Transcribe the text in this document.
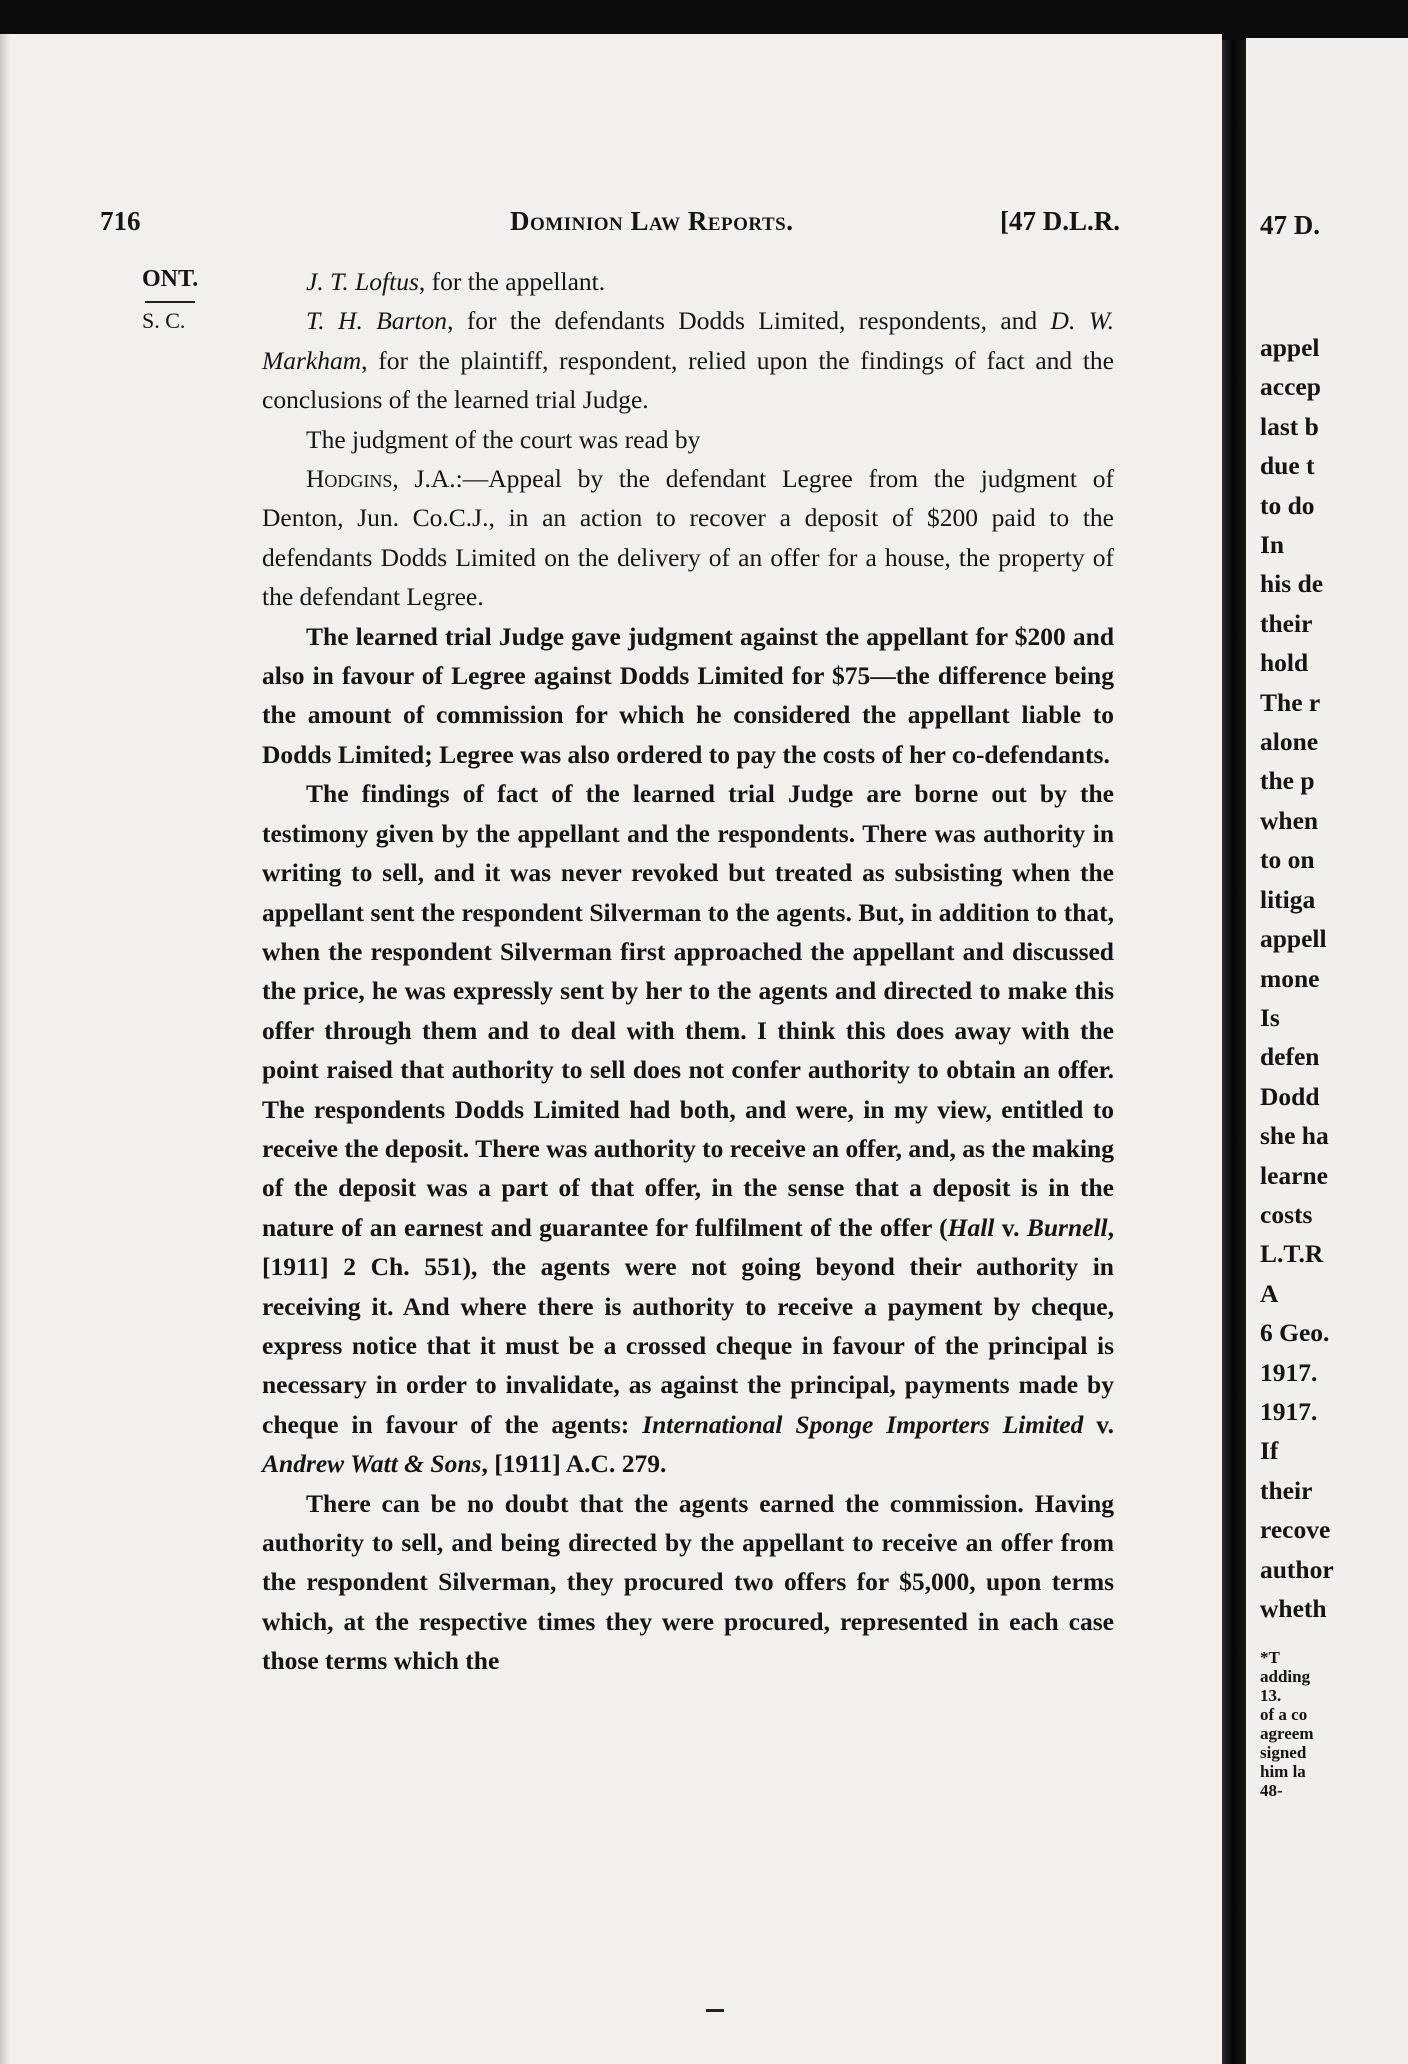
716	Dominion Law Reports.	[47 D.L.R.
ONT.
S. C.

J. T. Loftus, for the appellant.

T. H. Barton, for the defendants Dodds Limited, respondents, and D. W. Markham, for the plaintiff, respondent, relied upon the findings of fact and the conclusions of the learned trial Judge.

The judgment of the court was read by

Hodgins, J.A.:—Appeal by the defendant Legree from the judgment of Denton, Jun. Co.C.J., in an action to recover a deposit of $200 paid to the defendants Dodds Limited on the delivery of an offer for a house, the property of the defendant Legree.

The learned trial Judge gave judgment against the appellant for $200 and also in favour of Legree against Dodds Limited for $75—the difference being the amount of commission for which he considered the appellant liable to Dodds Limited; Legree was also ordered to pay the costs of her co-defendants.

The findings of fact of the learned trial Judge are borne out by the testimony given by the appellant and the respondents. There was authority in writing to sell, and it was never revoked but treated as subsisting when the appellant sent the respondent Silverman to the agents. But, in addition to that, when the respondent Silverman first approached the appellant and discussed the price, he was expressly sent by her to the agents and directed to make this offer through them and to deal with them. I think this does away with the point raised that authority to sell does not confer authority to obtain an offer. The respondents Dodds Limited had both, and were, in my view, entitled to receive the deposit. There was authority to receive an offer, and, as the making of the deposit was a part of that offer, in the sense that a deposit is in the nature of an earnest and guarantee for fulfilment of the offer (Hall v. Burnell, [1911] 2 Ch. 551), the agents were not going beyond their authority in receiving it. And where there is authority to receive a payment by cheque, express notice that it must be a crossed cheque in favour of the principal is necessary in order to invalidate, as against the principal, payments made by cheque in favour of the agents: International Sponge Importers Limited v. Andrew Watt & Sons, [1911] A.C. 279.

There can be no doubt that the agents earned the commission. Having authority to sell, and being directed by the appellant to receive an offer from the respondent Silverman, they procured two offers for $5,000, upon terms which, at the respective times they were procured, represented in each case those terms which the

47 D.
appel
accep
last b
due t
to do
In
his de
their
hold
The r
alone
the p
when
to on
litiga
appell
mone
Is
defen
Dodd
she ha
learne
costs
L.T.R
A
6 Geo.
1917.
1917.
If
their
recove
author
wheth
*T
adding
13.
of a co
agreem
signed
him la
48-
